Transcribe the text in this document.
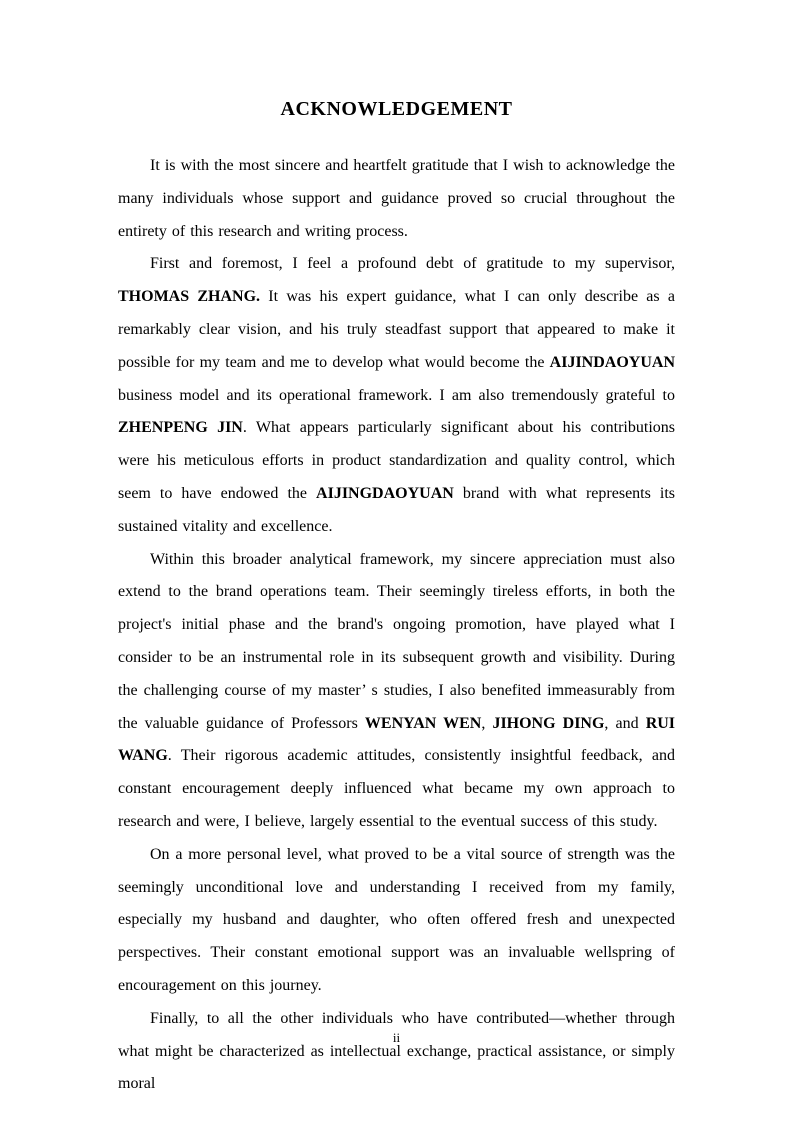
ACKNOWLEDGEMENT

It is with the most sincere and heartfelt gratitude that I wish to acknowledge the many individuals whose support and guidance proved so crucial throughout the entirety of this research and writing process.

First and foremost, I feel a profound debt of gratitude to my supervisor, THOMAS ZHANG. It was his expert guidance, what I can only describe as a remarkably clear vision, and his truly steadfast support that appeared to make it possible for my team and me to develop what would become the AIJINDAOYUAN business model and its operational framework. I am also tremendously grateful to ZHENPENG JIN. What appears particularly significant about his contributions were his meticulous efforts in product standardization and quality control, which seem to have endowed the AIJINGDAOYUAN brand with what represents its sustained vitality and excellence.

Within this broader analytical framework, my sincere appreciation must also extend to the brand operations team. Their seemingly tireless efforts, in both the project's initial phase and the brand's ongoing promotion, have played what I consider to be an instrumental role in its subsequent growth and visibility. During the challenging course of my master’ s studies, I also benefited immeasurably from the valuable guidance of Professors WENYAN WEN, JIHONG DING, and RUI WANG. Their rigorous academic attitudes, consistently insightful feedback, and constant encouragement deeply influenced what became my own approach to research and were, I believe, largely essential to the eventual success of this study.

On a more personal level, what proved to be a vital source of strength was the seemingly unconditional love and understanding I received from my family, especially my husband and daughter, who often offered fresh and unexpected perspectives. Their constant emotional support was an invaluable wellspring of encouragement on this journey.

Finally, to all the other individuals who have contributed—whether through what might be characterized as intellectual exchange, practical assistance, or simply moral

ii
